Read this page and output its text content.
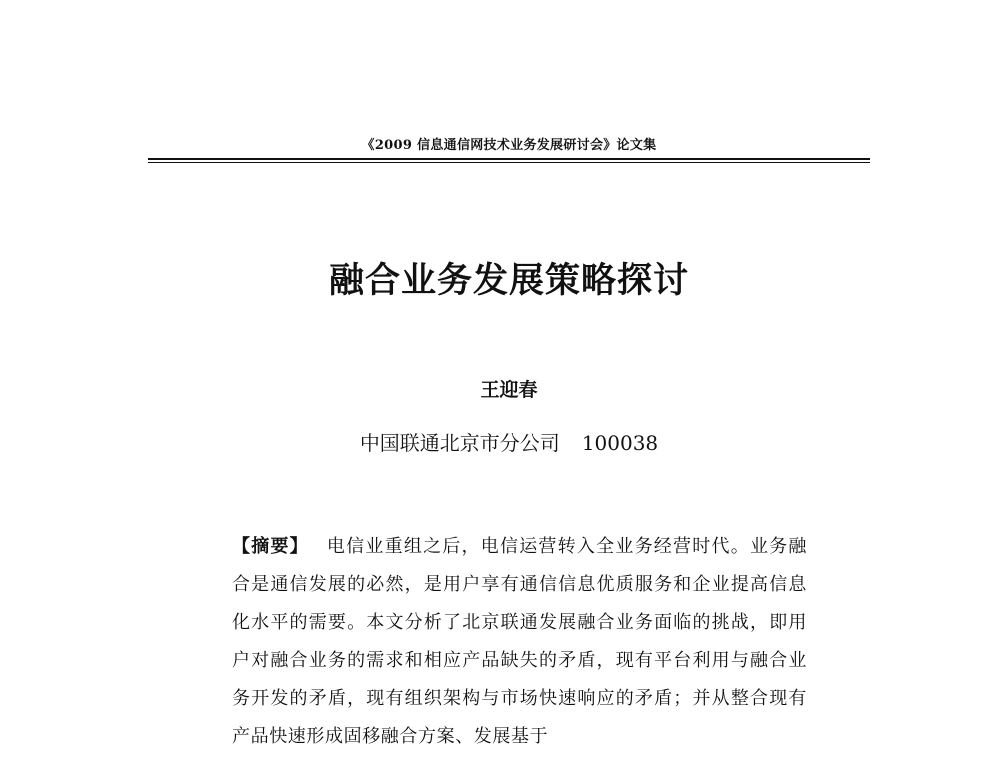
《2009 信息通信网技术业务发展研讨会》论文集
融合业务发展策略探讨
王迎春
中国联通北京市分公司 100038
【摘要】 电信业重组之后，电信运营转入全业务经营时代。业务融合是通信发展的必然，是用户享有通信信息优质服务和企业提高信息化水平的需要。本文分析了北京联通发展融合业务面临的挑战，即用户对融合业务的需求和相应产品缺失的矛盾，现有平台利用与融合业务开发的矛盾，现有组织架构与市场快速响应的矛盾；并从整合现有产品快速形成固移融合方案、发展基于
